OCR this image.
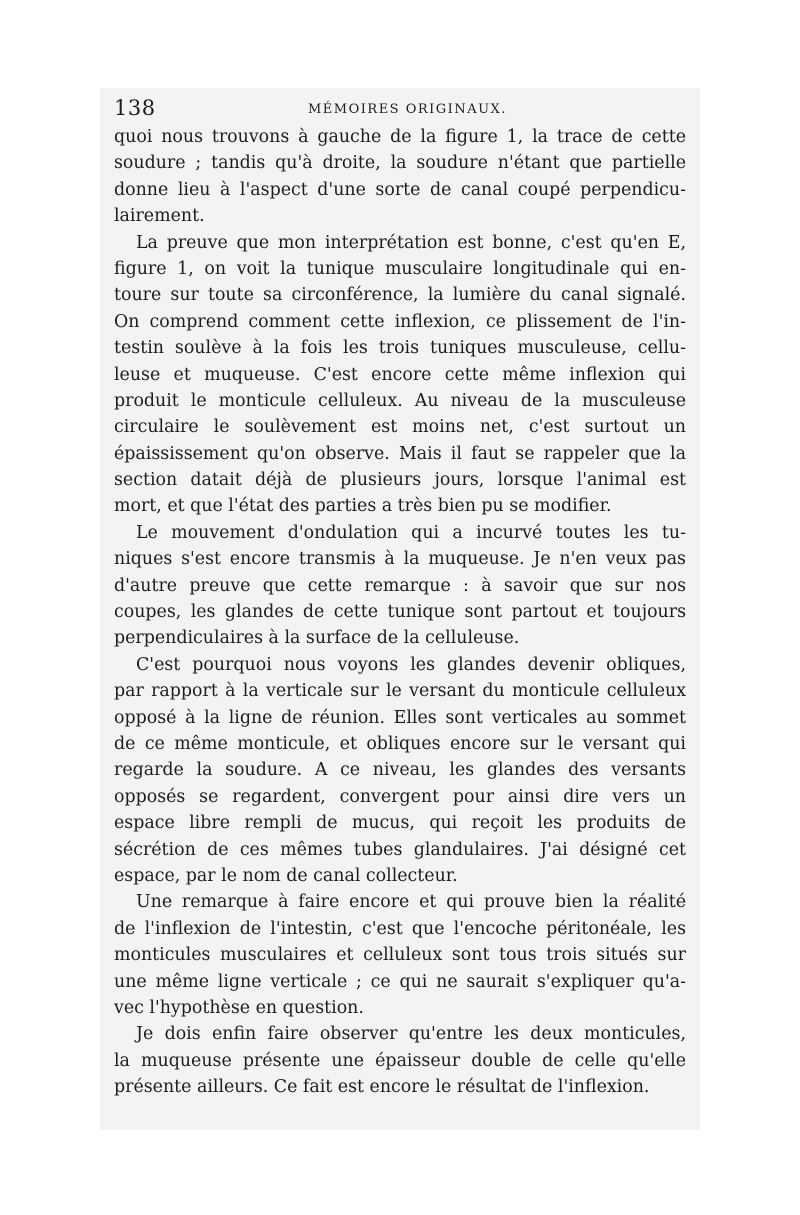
138	MÉMOIRES ORIGINAUX.
quoi nous trouvons à gauche de la figure 1, la trace de cette
soudure ; tandis qu'à droite, la soudure n'étant que partielle
donne lieu à l'aspect d'une sorte de canal coupé perpendicu-
lairement.
La preuve que mon interprétation est bonne, c'est qu'en E,
figure 1, on voit la tunique musculaire longitudinale qui en-
toure sur toute sa circonférence, la lumière du canal signalé.
On comprend comment cette inflexion, ce plissement de l'in-
testin soulève à la fois les trois tuniques musculeuse, cellu-
leuse et muqueuse. C'est encore cette même inflexion qui
produit le monticule celluleux. Au niveau de la musculeuse
circulaire le soulèvement est moins net, c'est surtout un
épaississement qu'on observe. Mais il faut se rappeler que la
section datait déjà de plusieurs jours, lorsque l'animal est
mort, et que l'état des parties a très bien pu se modifier.
Le mouvement d'ondulation qui a incurvé toutes les tu-
niques s'est encore transmis à la muqueuse. Je n'en veux pas
d'autre preuve que cette remarque : à savoir que sur nos
coupes, les glandes de cette tunique sont partout et toujours
perpendiculaires à la surface de la celluleuse.
C'est pourquoi nous voyons les glandes devenir obliques,
par rapport à la verticale sur le versant du monticule celluleux
opposé à la ligne de réunion. Elles sont verticales au sommet
de ce même monticule, et obliques encore sur le versant qui
regarde la soudure. A ce niveau, les glandes des versants
opposés se regardent, convergent pour ainsi dire vers un
espace libre rempli de mucus, qui reçoit les produits de
sécrétion de ces mêmes tubes glandulaires. J'ai désigné cet
espace, par le nom de canal collecteur.
Une remarque à faire encore et qui prouve bien la réalité
de l'inflexion de l'intestin, c'est que l'encoche péritonéale, les
monticules musculaires et celluleux sont tous trois situés sur
une même ligne verticale ; ce qui ne saurait s'expliquer qu'a-
vec l'hypothèse en question.
Je dois enfin faire observer qu'entre les deux monticules,
la muqueuse présente une épaisseur double de celle qu'elle
présente ailleurs. Ce fait est encore le résultat de l'inflexion.
